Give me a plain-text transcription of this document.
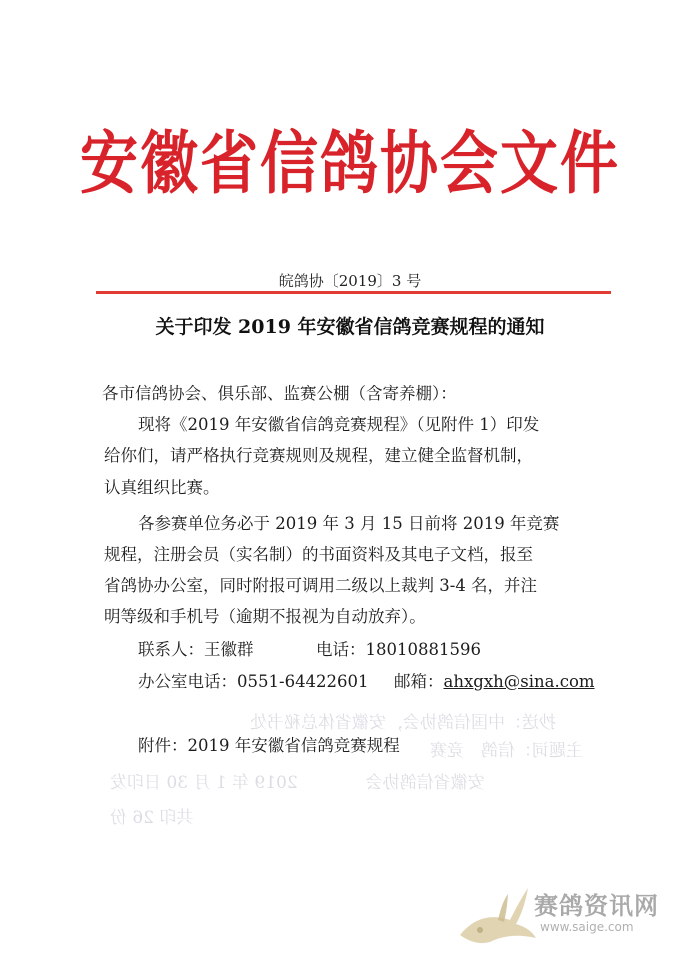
抄送：中国信鸽协会，安徽省体总秘书处
主题词：信鸽　竞赛
安徽省信鸽协会　　　　2019 年 1 月 30 日印发
共印 26 份
安徽省信鸽协会文件
皖鸽协〔2019〕3 号
关于印发 2019 年安徽省信鸽竞赛规程的通知
各市信鸽协会、俱乐部、监赛公棚（含寄养棚）：
现将《2019 年安徽省信鸽竞赛规程》（见附件 1）印发
给你们，请严格执行竞赛规则及规程，建立健全监督机制，
认真组织比赛。
各参赛单位务必于 2019 年 3 月 15 日前将 2019 年竞赛
规程，注册会员（实名制）的书面资料及其电子文档，报至
省鸽协办公室，同时附报可调用二级以上裁判 3-4 名，并注
明等级和手机号（逾期不报视为自动放弃）。
联系人：王徽群	电话：18010881596
办公室电话：0551-64422601 邮箱：ahxgxh@sina.com
附件：2019 年安徽省信鸽竞赛规程
赛鸽资讯网
www.saige.com
